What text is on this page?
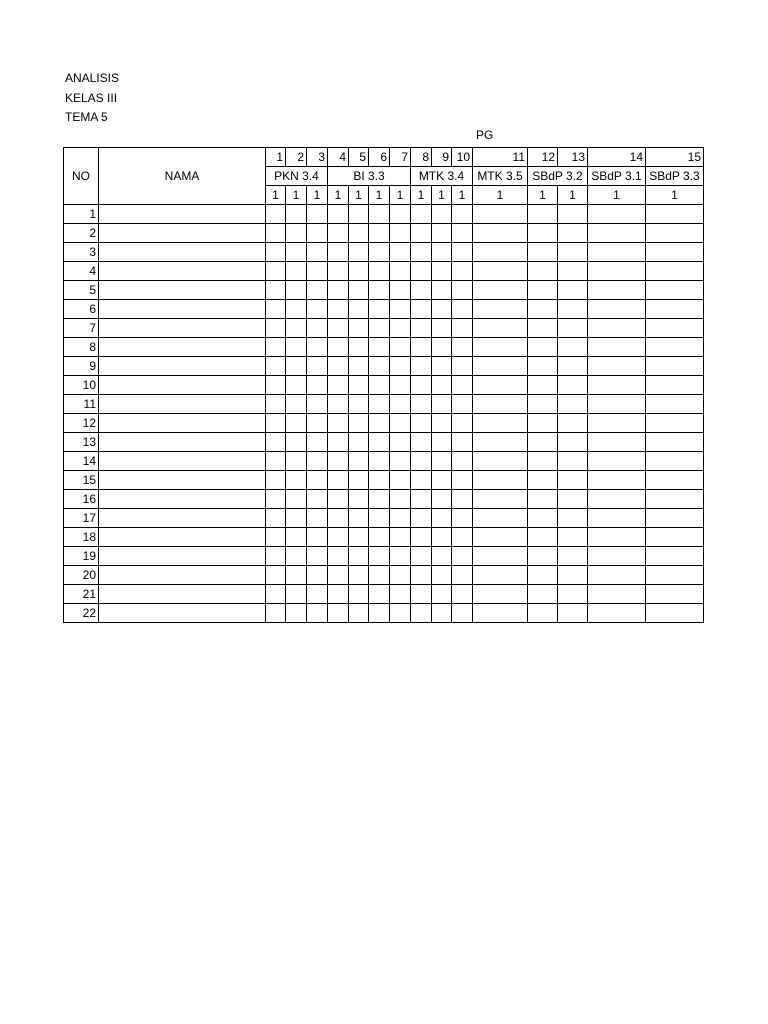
ANALISIS
KELAS III
TEMA 5
PG
NO	NAMA	1	2	3	4	5	6	7	8	9	10	11	12	13	14	15
		PKN 3.4			BI 3.3				MTK 3.4			MTK 3.5	SBdP 3.2		SBdP 3.1	SBdP 3.3
		1	1	1	1	1	1	1	1	1	1	1	1	1	1	1
1																
2																
3																
4																
5																
6																
7																
8																
9																
10																
11																
12																
13																
14																
15																
16																
17																
18																
19																
20																
21																
22																
